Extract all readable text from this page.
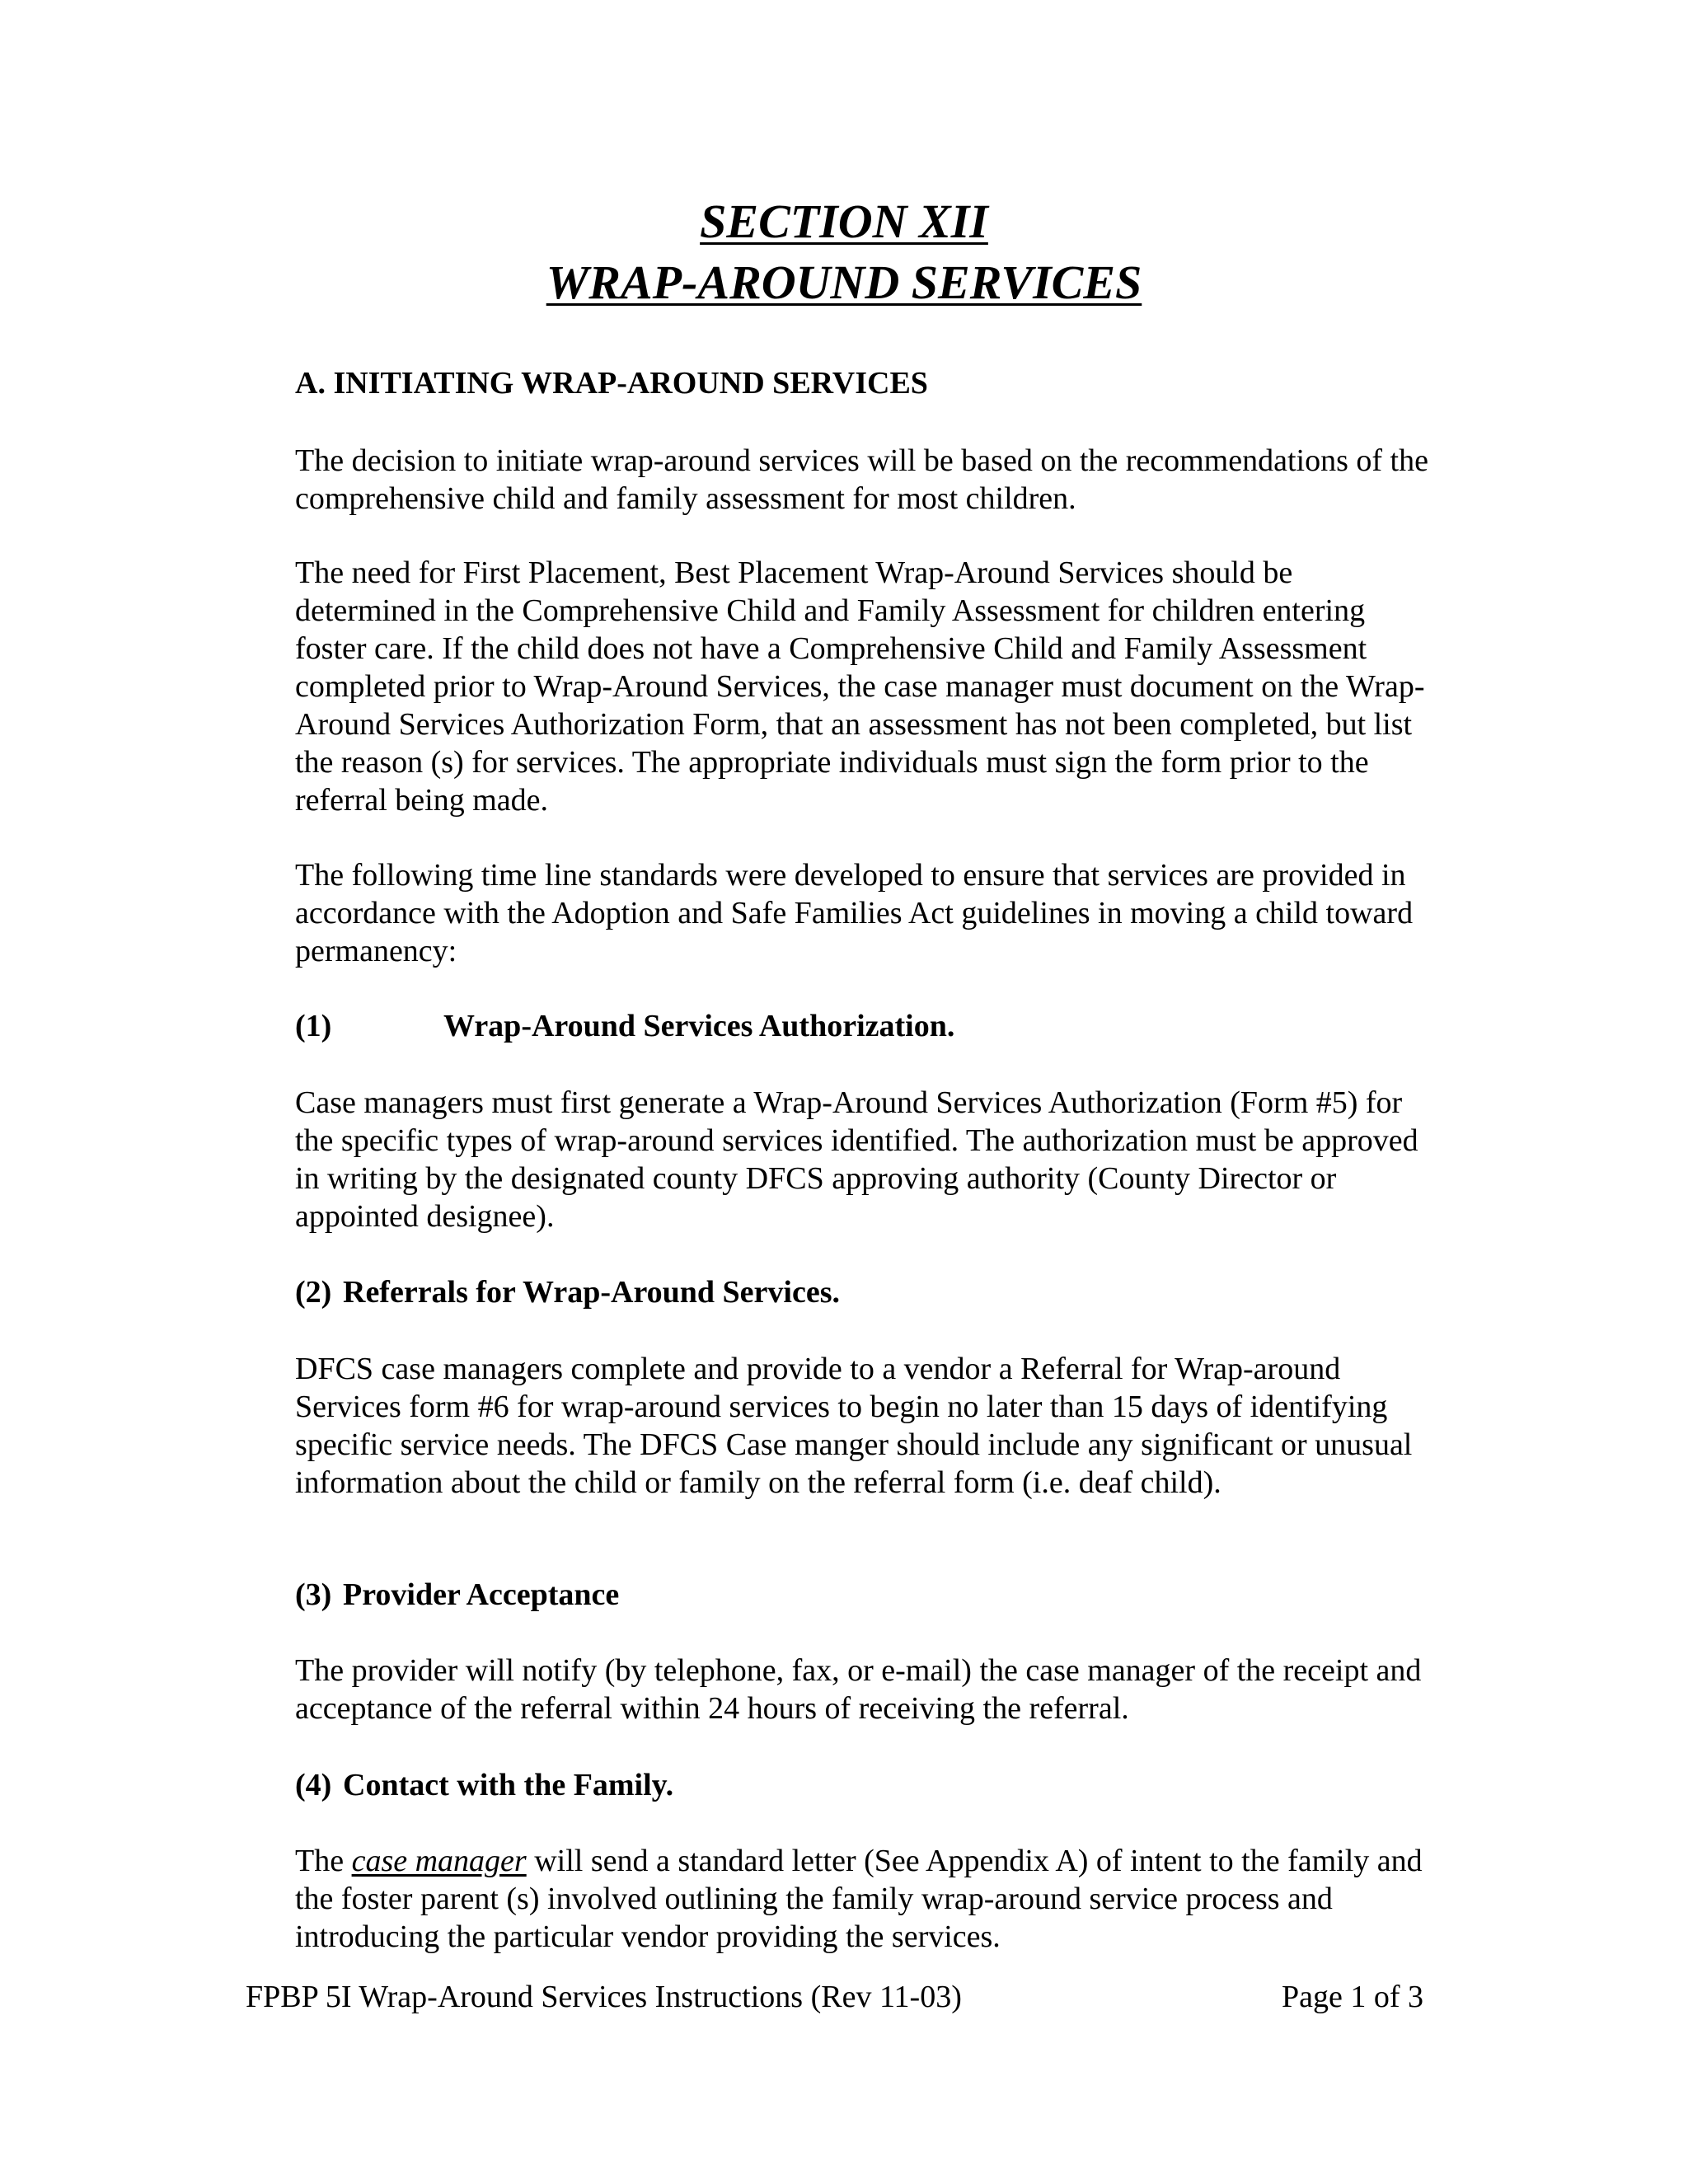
SECTION XII

WRAP-AROUND SERVICES

A. INITIATING WRAP-AROUND SERVICES

The decision to initiate wrap-around services will be based on the recommendations of the comprehensive child and family assessment for most children.

The need for First Placement, Best Placement Wrap-Around Services should be determined in the Comprehensive Child and Family Assessment for children entering foster care. If the child does not have a Comprehensive Child and Family Assessment completed prior to Wrap-Around Services, the case manager must document on the Wrap-Around Services Authorization Form, that an assessment has not been completed, but list the reason (s) for services. The appropriate individuals must sign the form prior to the referral being made.

The following time line standards were developed to ensure that services are provided in accordance with the Adoption and Safe Families Act guidelines in moving a child toward permanency:

(1)	Wrap-Around Services Authorization.

Case managers must first generate a Wrap-Around Services Authorization (Form #5) for the specific types of wrap-around services identified. The authorization must be approved in writing by the designated county DFCS approving authority (County Director or appointed designee).

(2) Referrals for Wrap-Around Services.

DFCS case managers complete and provide to a vendor a Referral for Wrap-around Services form #6 for wrap-around services to begin no later than 15 days of identifying specific service needs. The DFCS Case manger should include any significant or unusual information about the child or family on the referral form (i.e. deaf child).

(3) Provider Acceptance

The provider will notify (by telephone, fax, or e-mail) the case manager of the receipt and acceptance of the referral within 24 hours of receiving the referral.

(4) Contact with the Family.

The case manager will send a standard letter (See Appendix A) of intent to the family and the foster parent (s) involved outlining the family wrap-around service process and introducing the particular vendor providing the services.

FPBP 5I Wrap-Around Services Instructions (Rev 11-03)	Page 1 of 3
